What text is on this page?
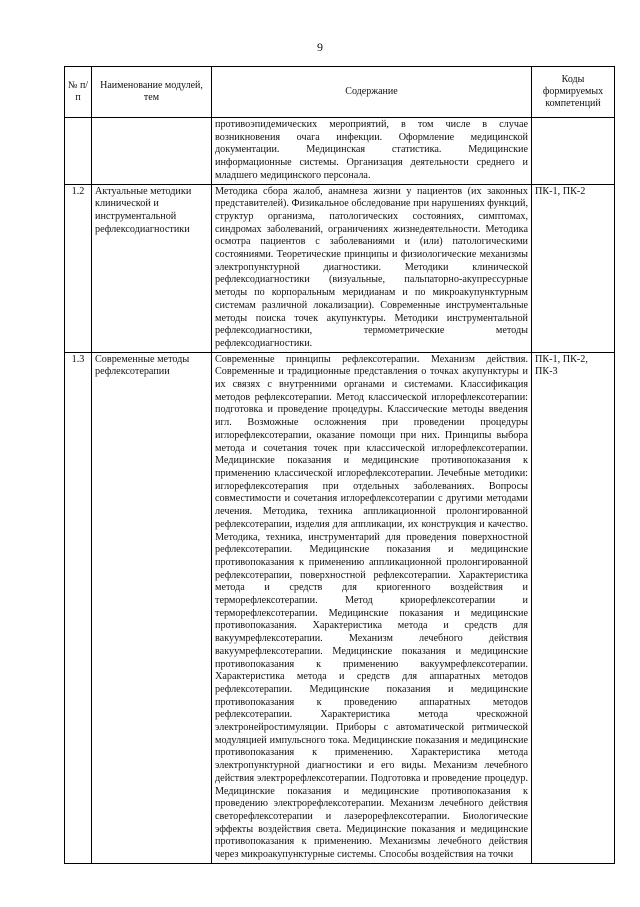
9
№ п/п	Наименование модулей, тем	Содержание	Коды формируемых компетенций
		противоэпидемических мероприятий, в том числе в случае возникновения очага инфекции. Оформление медицинской документации. Медицинская статистика. Медицинские информационные системы. Организация деятельности среднего и младшего медицинского персонала.	
1.2	Актуальные методики клинической и инструментальной рефлексодиагностики	Методика сбора жалоб, анамнеза жизни у пациентов (их законных представителей). Физикальное обследование при нарушениях функций, структур организма, патологических состояниях, симптомах, синдромах заболеваний, ограничениях жизнедеятельности. Методика осмотра пациентов с заболеваниями и (или) патологическими состояниями. Теоретические принципы и физиологические механизмы электропунктурной диагностики. Методики клинической рефлексодиагностики (визуальные, пальпаторно-акупрессурные методы по корпоральным меридианам и по микроакупунктурным системам различной локализации). Современные инструментальные методы поиска точек акупунктуры. Методики инструментальной рефлексодиагностики, термометрические методы рефлексодиагностики.	ПК-1, ПК-2
1.3	Современные методы рефлексотерапии	Современные принципы рефлексотерапии. Механизм действия. Современные и традиционные представления о точках акупунктуры и их связях с внутренними органами и системами. Классификация методов рефлексотерапии. Метод классической иглорефлексотерапии: подготовка и проведение процедуры. Классические методы введения игл. Возможные осложнения при проведении процедуры иглорефлексотерапии, оказание помощи при них. Принципы выбора метода и сочетания точек при классической иглорефлексотерапии. Медицинские показания и медицинские противопоказания к применению классической иглорефлексотерапии. Лечебные методики: иглорефлексотерапия при отдельных заболеваниях. Вопросы совместимости и сочетания иглорефлексотерапии с другими методами лечения. Методика, техника аппликационной пролонгированной рефлексотерапии, изделия для аппликации, их конструкция и качество. Методика, техника, инструментарий для проведения поверхностной рефлексотерапии. Медицинские показания и медицинские противопоказания к применению аппликационной пролонгированной рефлексотерапии, поверхностной рефлексотерапии. Характеристика метода и средств для криогенного воздействия и терморефлексотерапии. Метод криорефлексотерапии и терморефлексотерапии. Медицинские показания и медицинские противопоказания. Характеристика метода и средств для вакуумрефлексотерапии. Механизм лечебного действия вакуумрефлексотерапии. Медицинские показания и медицинские противопоказания к применению вакуумрефлексотерапии. Характеристика метода и средств для аппаратных методов рефлексотерапии. Медицинские показания и медицинские противопоказания к проведению аппаратных методов рефлексотерапии. Характеристика метода чрескожной электронейростимуляции. Приборы с автоматической ритмической модуляцией импульсного тока. Медицинские показания и медицинские противопоказания к применению. Характеристика метода электропунктурной диагностики и его виды. Механизм лечебного действия электрорефлексотерапии. Подготовка и проведение процедур. Медицинские показания и медицинские противопоказания к проведению электрорефлексотерапии. Механизм лечебного действия светорефлексотерапии и лазерорефлексотерапии. Биологические эффекты воздействия света. Медицинские показания и медицинские противопоказания к применению. Механизмы лечебного действия через микроакупунктурные системы. Способы воздействия на точки	ПК-1, ПК-2, ПК-3
